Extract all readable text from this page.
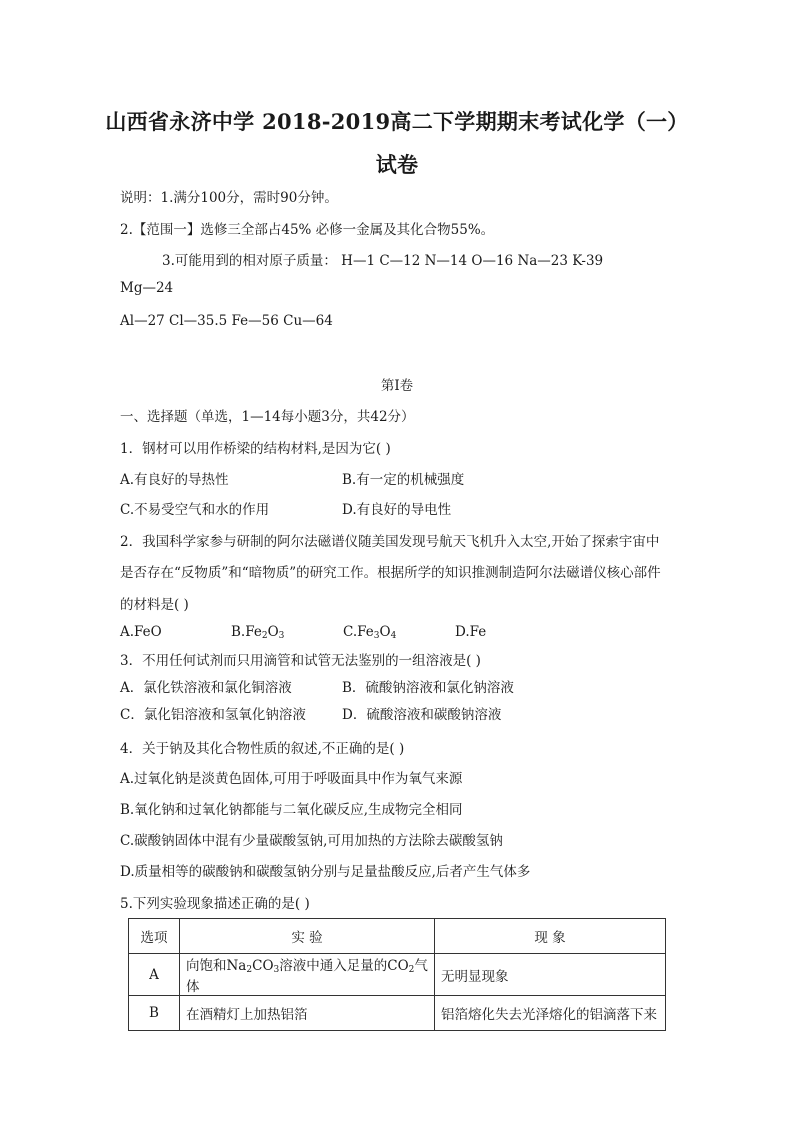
山西省永济中学 2018-2019高二下学期期末考试化学（一）
试卷
说明：1.满分100分，需时90分钟。
2.【范围一】选修三全部占45% 必修一金属及其化合物55%。
3.可能用到的相对原子质量： H—1 C—12 N—14 O—16 Na—23 K-39
Mg—24
Al—27 Cl—35.5 Fe—56 Cu—64
第Ⅰ卷
一、选择题（单选，1—14每小题3分，共42分）
1．钢材可以用作桥梁的结构材料,是因为它( )
A.有良好的导热性	B.有一定的机械强度
C.不易受空气和水的作用	D.有良好的导电性
2．我国科学家参与研制的阿尔法磁谱仪随美国发现号航天飞机升入太空,开始了探索宇宙中
是否存在“反物质”和“暗物质”的研究工作。根据所学的知识推测制造阿尔法磁谱仪核心部件
的材料是( )
A.FeO	$B.Fe_2O_3$	$C.Fe_3O_4$	D.Fe
3．不用任何试剂而只用滴管和试管无法鉴别的一组溶液是( )
A．氯化铁溶液和氯化铜溶液	B．硫酸钠溶液和氯化钠溶液
C．氯化铝溶液和氢氧化钠溶液	D．硫酸溶液和碳酸钠溶液
4．关于钠及其化合物性质的叙述,不正确的是( )
A.过氧化钠是淡黄色固体,可用于呼吸面具中作为氧气来源
B.氧化钠和过氧化钠都能与二氧化碳反应,生成物完全相同
C.碳酸钠固体中混有少量碳酸氢钠,可用加热的方法除去碳酸氢钠
D.质量相等的碳酸钠和碳酸氢钠分别与足量盐酸反应,后者产生气体多
5.下列实验现象描述正确的是( )
选项	实 验	现 象
A	向饱和$Na_2CO_3$溶液中通入足量的$CO_2$气体	无明显现象
B	在酒精灯上加热铝箔	铝箔熔化失去光泽熔化的铝滴落下来
